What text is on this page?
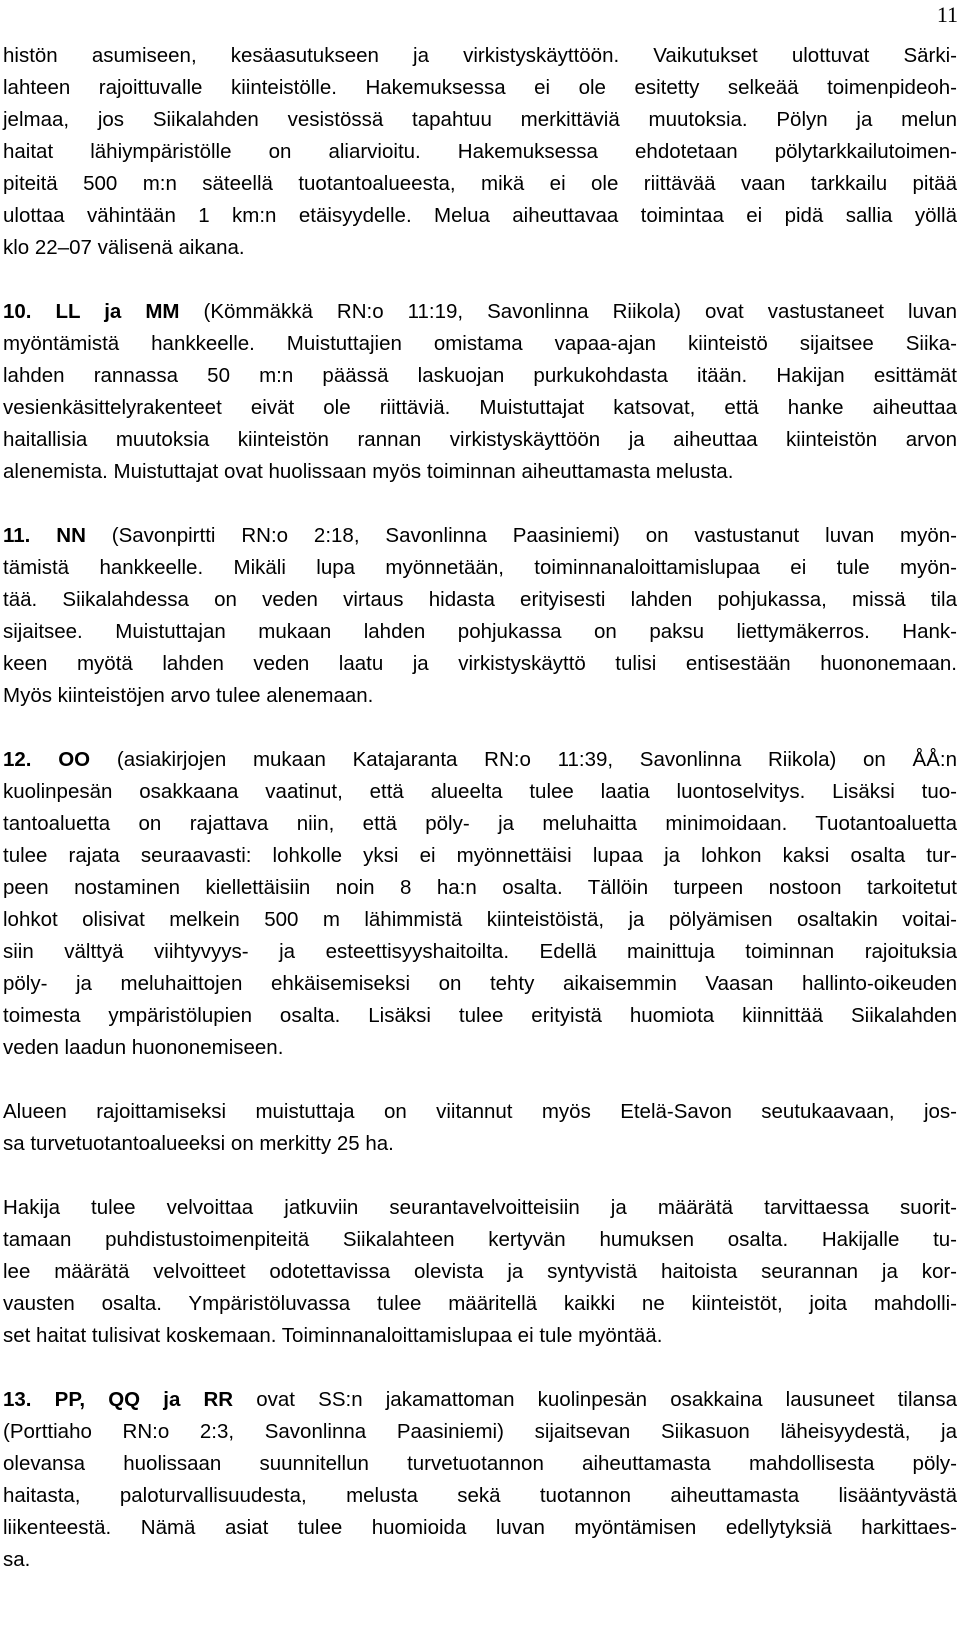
11
histön asumiseen, kesäasutukseen ja virkistyskäyttöön. Vaikutukset ulottuvat Särki-
lahteen rajoittuvalle kiinteistölle. Hakemuksessa ei ole esitetty selkeää toimenpideoh-
jelmaa, jos Siikalahden vesistössä tapahtuu merkittäviä muutoksia. Pölyn ja melun
haitat lähiympäristölle on aliarvioitu. Hakemuksessa ehdotetaan pölytarkkailutoimen-
piteitä 500 m:n säteellä tuotantoalueesta, mikä ei ole riittävää vaan tarkkailu pitää
ulottaa vähintään 1 km:n etäisyydelle. Melua aiheuttavaa toimintaa ei pidä sallia yöllä
klo 22–07 välisenä aikana.
10. LL ja MM (Kömmäkkä RN:o 11:19, Savonlinna Riikola) ovat vastustaneet luvan
myöntämistä hankkeelle. Muistuttajien omistama vapaa-ajan kiinteistö sijaitsee Siika-
lahden rannassa 50 m:n päässä laskuojan purkukohdasta itään. Hakijan esittämät
vesienkäsittelyrakenteet eivät ole riittäviä. Muistuttajat katsovat, että hanke aiheuttaa
haitallisia muutoksia kiinteistön rannan virkistyskäyttöön ja aiheuttaa kiinteistön arvon
alenemista. Muistuttajat ovat huolissaan myös toiminnan aiheuttamasta melusta.
11. NN (Savonpirtti RN:o 2:18, Savonlinna Paasiniemi) on vastustanut luvan myön-
tämistä hankkeelle. Mikäli lupa myönnetään, toiminnanaloittamislupaa ei tule myön-
tää. Siikalahdessa on veden virtaus hidasta erityisesti lahden pohjukassa, missä tila
sijaitsee. Muistuttajan mukaan lahden pohjukassa on paksu liettymäkerros. Hank-
keen myötä lahden veden laatu ja virkistyskäyttö tulisi entisestään huononemaan.
Myös kiinteistöjen arvo tulee alenemaan.
12. OO (asiakirjojen mukaan Katajaranta RN:o 11:39, Savonlinna Riikola) on ÅÅ:n
kuolinpesän osakkaana vaatinut, että alueelta tulee laatia luontoselvitys. Lisäksi tuo-
tantoaluetta on rajattava niin, että pöly- ja meluhaitta minimoidaan. Tuotantoaluetta
tulee rajata seuraavasti: lohkolle yksi ei myönnettäisi lupaa ja lohkon kaksi osalta tur-
peen nostaminen kiellettäisiin noin 8 ha:n osalta. Tällöin turpeen nostoon tarkoitetut
lohkot olisivat melkein 500 m lähimmistä kiinteistöistä, ja pölyämisen osaltakin voitai-
siin välttyä viihtyvyys- ja esteettisyyshaitoilta. Edellä mainittuja toiminnan rajoituksia
pöly- ja meluhaittojen ehkäisemiseksi on tehty aikaisemmin Vaasan hallinto-oikeuden
toimesta ympäristölupien osalta. Lisäksi tulee erityistä huomiota kiinnittää Siikalahden
veden laadun huononemiseen.
Alueen rajoittamiseksi muistuttaja on viitannut myös Etelä-Savon seutukaavaan, jos-
sa turvetuotantoalueeksi on merkitty 25 ha.
Hakija tulee velvoittaa jatkuviin seurantavelvoitteisiin ja määrätä tarvittaessa suorit-
tamaan puhdistustoimenpiteitä Siikalahteen kertyvän humuksen osalta. Hakijalle tu-
lee määrätä velvoitteet odotettavissa olevista ja syntyvistä haitoista seurannan ja kor-
vausten osalta. Ympäristöluvassa tulee määritellä kaikki ne kiinteistöt, joita mahdolli-
set haitat tulisivat koskemaan. Toiminnanaloittamislupaa ei tule myöntää.
13. PP, QQ ja RR ovat SS:n jakamattoman kuolinpesän osakkaina lausuneet tilansa
(Porttiaho RN:o 2:3, Savonlinna Paasiniemi) sijaitsevan Siikasuon läheisyydestä, ja
olevansa huolissaan suunnitellun turvetuotannon aiheuttamasta mahdollisesta pöly-
haitasta, paloturvallisuudesta, melusta sekä tuotannon aiheuttamasta lisääntyvästä
liikenteestä. Nämä asiat tulee huomioida luvan myöntämisen edellytyksiä harkittaes-
sa.
